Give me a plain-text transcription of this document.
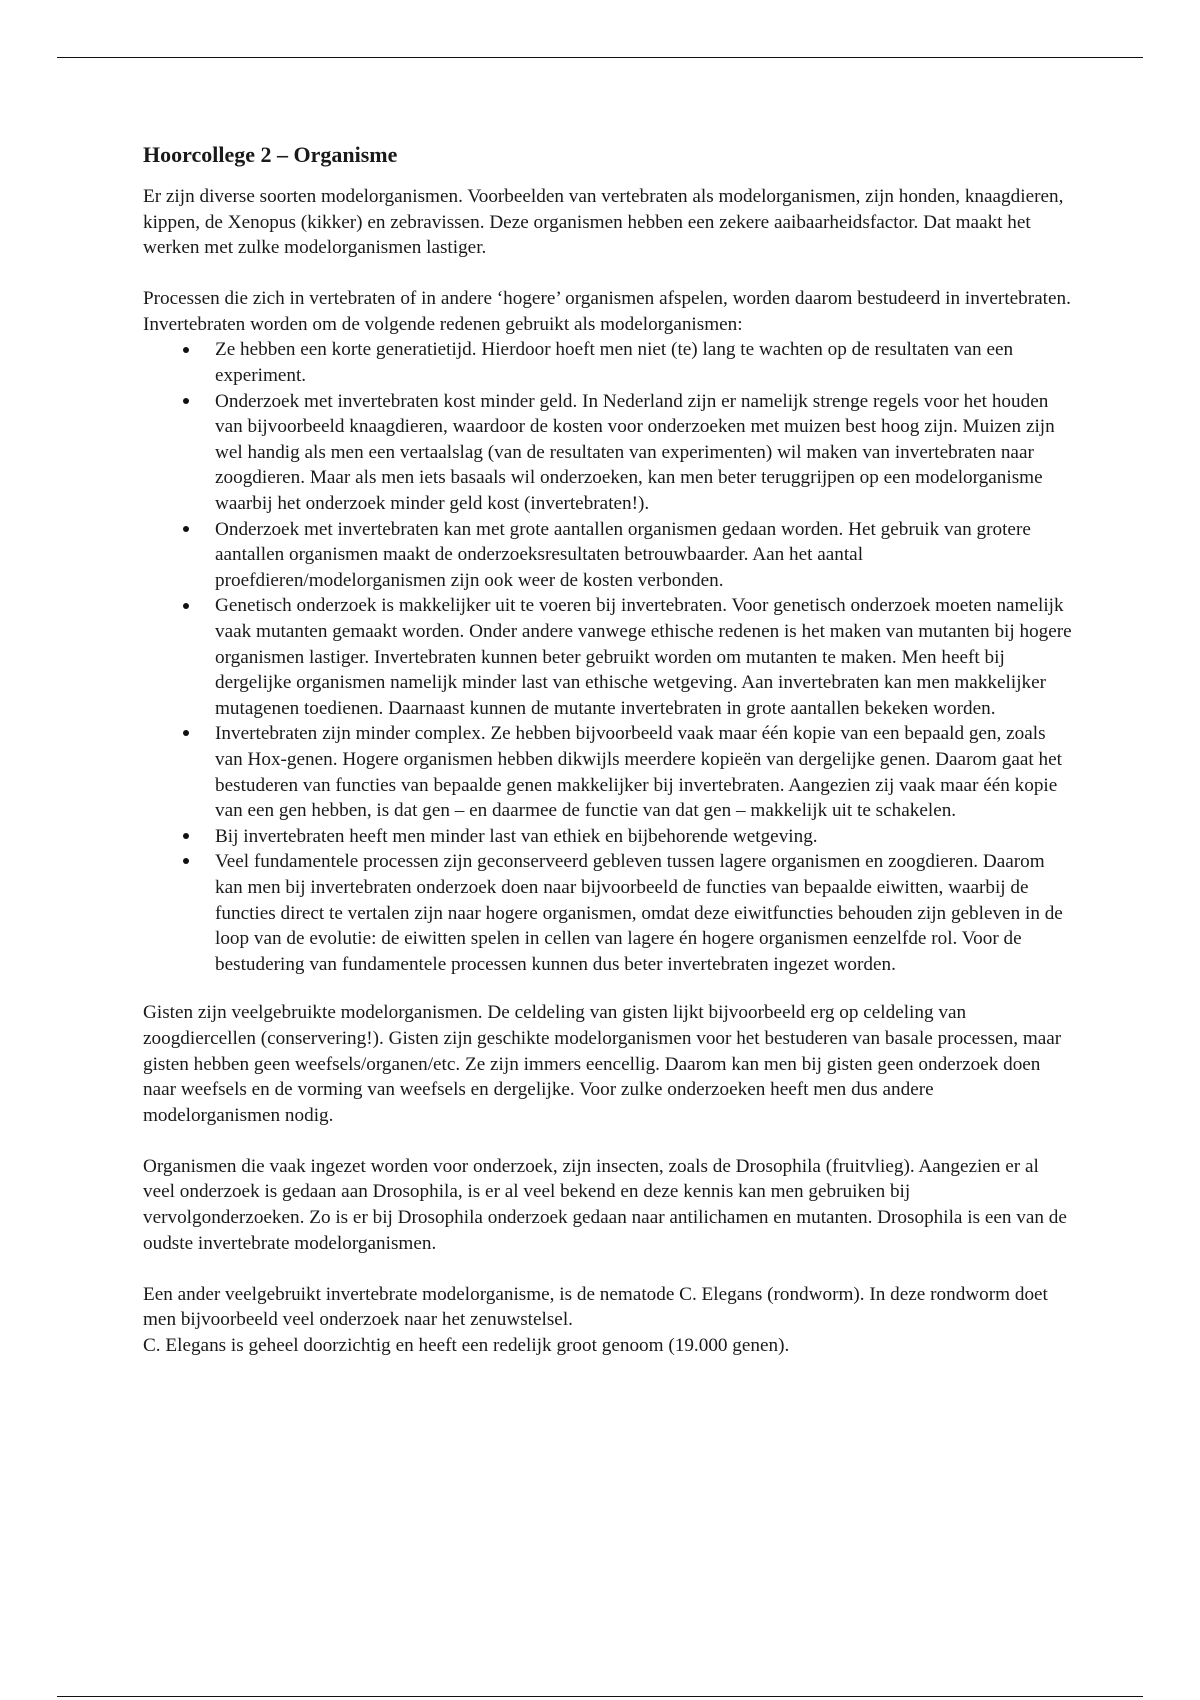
Hoorcollege 2 – Organisme

Er zijn diverse soorten modelorganismen. Voorbeelden van vertebraten als modelorganismen, zijn honden, knaagdieren, kippen, de Xenopus (kikker) en zebravissen. Deze organismen hebben een zekere aaibaarheidsfactor. Dat maakt het werken met zulke modelorganismen lastiger.

Processen die zich in vertebraten of in andere ‘hogere’ organismen afspelen, worden daarom bestudeerd in invertebraten. Invertebraten worden om de volgende redenen gebruikt als modelorganismen:

Ze hebben een korte generatietijd. Hierdoor hoeft men niet (te) lang te wachten op de resultaten van een experiment.
Onderzoek met invertebraten kost minder geld. In Nederland zijn er namelijk strenge regels voor het houden van bijvoorbeeld knaagdieren, waardoor de kosten voor onderzoeken met muizen best hoog zijn. Muizen zijn wel handig als men een vertaalslag (van de resultaten van experimenten) wil maken van invertebraten naar zoogdieren. Maar als men iets basaals wil onderzoeken, kan men beter teruggrijpen op een modelorganisme waarbij het onderzoek minder geld kost (invertebraten!).
Onderzoek met invertebraten kan met grote aantallen organismen gedaan worden. Het gebruik van grotere aantallen organismen maakt de onderzoeksresultaten betrouwbaarder. Aan het aantal proefdieren/modelorganismen zijn ook weer de kosten verbonden.
Genetisch onderzoek is makkelijker uit te voeren bij invertebraten. Voor genetisch onderzoek moeten namelijk vaak mutanten gemaakt worden. Onder andere vanwege ethische redenen is het maken van mutanten bij hogere organismen lastiger. Invertebraten kunnen beter gebruikt worden om mutanten te maken. Men heeft bij dergelijke organismen namelijk minder last van ethische wetgeving. Aan invertebraten kan men makkelijker mutagenen toedienen. Daarnaast kunnen de mutante invertebraten in grote aantallen bekeken worden.
Invertebraten zijn minder complex. Ze hebben bijvoorbeeld vaak maar één kopie van een bepaald gen, zoals van Hox-genen. Hogere organismen hebben dikwijls meerdere kopieën van dergelijke genen. Daarom gaat het bestuderen van functies van bepaalde genen makkelijker bij invertebraten. Aangezien zij vaak maar één kopie van een gen hebben, is dat gen – en daarmee de functie van dat gen – makkelijk uit te schakelen.
Bij invertebraten heeft men minder last van ethiek en bijbehorende wetgeving.
Veel fundamentele processen zijn geconserveerd gebleven tussen lagere organismen en zoogdieren. Daarom kan men bij invertebraten onderzoek doen naar bijvoorbeeld de functies van bepaalde eiwitten, waarbij de functies direct te vertalen zijn naar hogere organismen, omdat deze eiwitfuncties behouden zijn gebleven in de loop van de evolutie: de eiwitten spelen in cellen van lagere én hogere organismen eenzelfde rol. Voor de bestudering van fundamentele processen kunnen dus beter invertebraten ingezet worden.

Gisten zijn veelgebruikte modelorganismen. De celdeling van gisten lijkt bijvoorbeeld erg op celdeling van zoogdiercellen (conservering!). Gisten zijn geschikte modelorganismen voor het bestuderen van basale processen, maar gisten hebben geen weefsels/organen/etc. Ze zijn immers eencellig. Daarom kan men bij gisten geen onderzoek doen naar weefsels en de vorming van weefsels en dergelijke. Voor zulke onderzoeken heeft men dus andere modelorganismen nodig.

Organismen die vaak ingezet worden voor onderzoek, zijn insecten, zoals de Drosophila (fruitvlieg). Aangezien er al veel onderzoek is gedaan aan Drosophila, is er al veel bekend en deze kennis kan men gebruiken bij vervolgonderzoeken. Zo is er bij Drosophila onderzoek gedaan naar antilichamen en mutanten. Drosophila is een van de oudste invertebrate modelorganismen.

Een ander veelgebruikt invertebrate modelorganisme, is de nematode C. Elegans (rondworm). In deze rondworm doet men bijvoorbeeld veel onderzoek naar het zenuwstelsel.
C. Elegans is geheel doorzichtig en heeft een redelijk groot genoom (19.000 genen).
